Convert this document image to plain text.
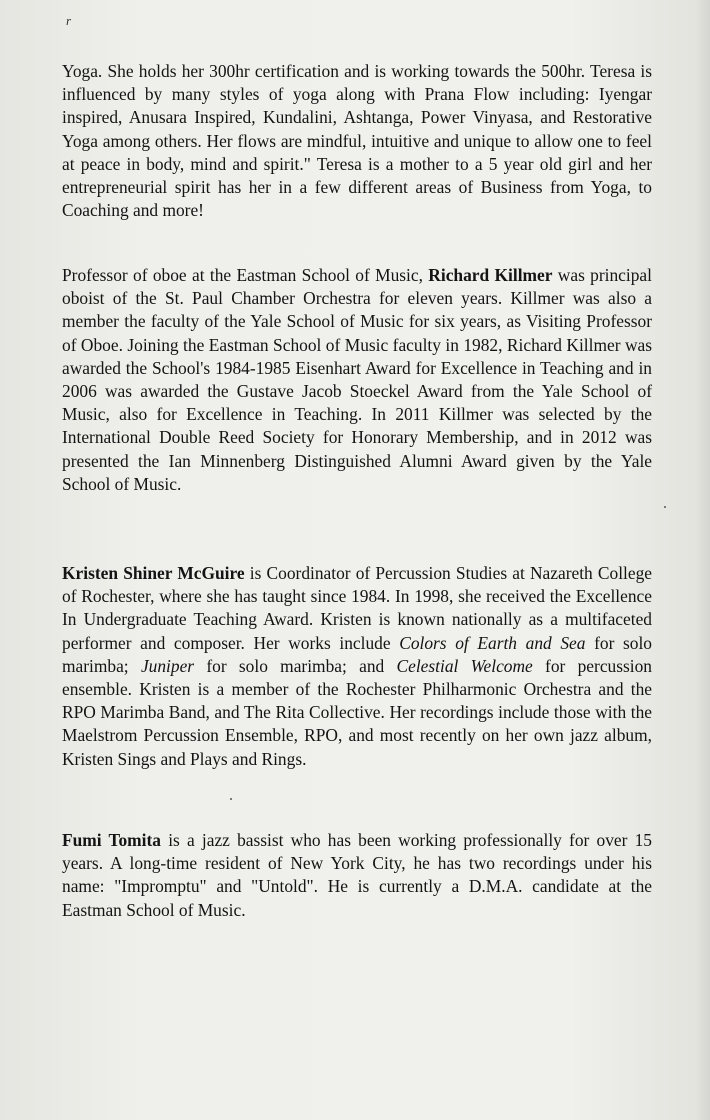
r

Yoga. She holds her 300hr certification and is working towards the 500hr. Teresa is influenced by many styles of yoga along with Prana Flow including: Iyengar inspired, Anusara Inspired, Kundalini, Ashtanga, Power Vinyasa, and Restorative Yoga among others. Her flows are mindful, intuitive and unique to allow one to feel at peace in body, mind and spirit." Teresa is a mother to a 5 year old girl and her entrepreneurial spirit has her in a few different areas of Business from Yoga, to Coaching and more!

Professor of oboe at the Eastman School of Music, Richard Killmer was principal oboist of the St. Paul Chamber Orchestra for eleven years. Killmer was also a member the faculty of the Yale School of Music for six years, as Visiting Professor of Oboe. Joining the Eastman School of Music faculty in 1982, Richard Killmer was awarded the School's 1984-1985 Eisenhart Award for Excellence in Teaching and in 2006 was awarded the Gustave Jacob Stoeckel Award from the Yale School of Music, also for Excellence in Teaching. In 2011 Killmer was selected by the International Double Reed Society for Honorary Membership, and in 2012 was presented the Ian Minnenberg Distinguished Alumni Award given by the Yale School of Music.

Kristen Shiner McGuire is Coordinator of Percussion Studies at Nazareth College of Rochester, where she has taught since 1984. In 1998, she received the Excellence In Undergraduate Teaching Award. Kristen is known nationally as a multifaceted performer and composer. Her works include Colors of Earth and Sea for solo marimba; Juniper for solo marimba; and Celestial Welcome for percussion ensemble. Kristen is a member of the Rochester Philharmonic Orchestra and the RPO Marimba Band, and The Rita Collective. Her recordings include those with the Maelstrom Percussion Ensemble, RPO, and most recently on her own jazz album, Kristen Sings and Plays and Rings.

Fumi Tomita is a jazz bassist who has been working professionally for over 15 years. A long-time resident of New York City, he has two recordings under his name: "Impromptu" and "Untold". He is currently a D.M.A. candidate at the Eastman School of Music.
